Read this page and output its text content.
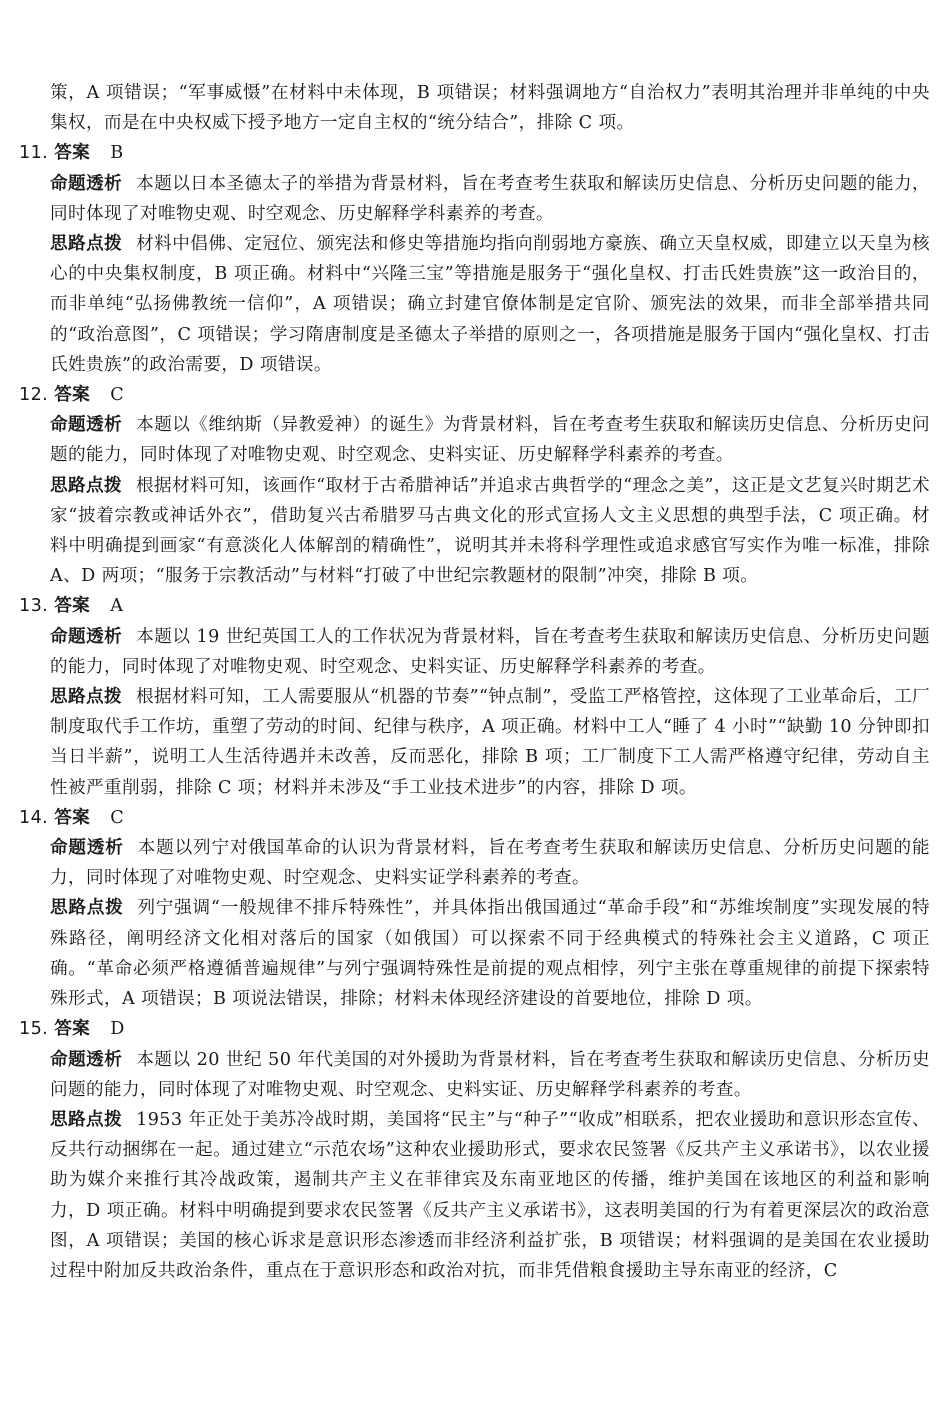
策，A 项错误；“军事威慑”在材料中未体现，B 项错误；材料强调地方“自治权力”表明其治理并非单纯的中央集权，而是在中央权威下授予地方一定自主权的“统分结合”，排除 C 项。

11. 答案 B

命题透析 本题以日本圣德太子的举措为背景材料，旨在考查考生获取和解读历史信息、分析历史问题的能力，同时体现了对唯物史观、时空观念、历史解释学科素养的考查。

思路点拨 材料中倡佛、定冠位、颁宪法和修史等措施均指向削弱地方豪族、确立天皇权威，即建立以天皇为核心的中央集权制度，B 项正确。材料中“兴隆三宝”等措施是服务于“强化皇权、打击氏姓贵族”这一政治目的，而非单纯“弘扬佛教统一信仰”，A 项错误；确立封建官僚体制是定官阶、颁宪法的效果，而非全部举措共同的“政治意图”，C 项错误；学习隋唐制度是圣德太子举措的原则之一，各项措施是服务于国内“强化皇权、打击氏姓贵族”的政治需要，D 项错误。

12. 答案 C

命题透析 本题以《维纳斯（异教爱神）的诞生》为背景材料，旨在考查考生获取和解读历史信息、分析历史问题的能力，同时体现了对唯物史观、时空观念、史料实证、历史解释学科素养的考查。

思路点拨 根据材料可知，该画作“取材于古希腊神话”并追求古典哲学的“理念之美”，这正是文艺复兴时期艺术家“披着宗教或神话外衣”，借助复兴古希腊罗马古典文化的形式宣扬人文主义思想的典型手法，C 项正确。材料中明确提到画家“有意淡化人体解剖的精确性”，说明其并未将科学理性或追求感官写实作为唯一标准，排除 A、D 两项；“服务于宗教活动”与材料“打破了中世纪宗教题材的限制”冲突，排除 B 项。

13. 答案 A

命题透析 本题以 19 世纪英国工人的工作状况为背景材料，旨在考查考生获取和解读历史信息、分析历史问题的能力，同时体现了对唯物史观、时空观念、史料实证、历史解释学科素养的考查。

思路点拨 根据材料可知，工人需要服从“机器的节奏”“钟点制”，受监工严格管控，这体现了工业革命后，工厂制度取代手工作坊，重塑了劳动的时间、纪律与秩序，A 项正确。材料中工人“睡了 4 小时”“缺勤 10 分钟即扣当日半薪”，说明工人生活待遇并未改善，反而恶化，排除 B 项；工厂制度下工人需严格遵守纪律，劳动自主性被严重削弱，排除 C 项；材料并未涉及“手工业技术进步”的内容，排除 D 项。

14. 答案 C

命题透析 本题以列宁对俄国革命的认识为背景材料，旨在考查考生获取和解读历史信息、分析历史问题的能力，同时体现了对唯物史观、时空观念、史料实证学科素养的考查。

思路点拨 列宁强调“一般规律不排斥特殊性”，并具体指出俄国通过“革命手段”和“苏维埃制度”实现发展的特殊路径，阐明经济文化相对落后的国家（如俄国）可以探索不同于经典模式的特殊社会主义道路，C 项正确。“革命必须严格遵循普遍规律”与列宁强调特殊性是前提的观点相悖，列宁主张在尊重规律的前提下探索特殊形式，A 项错误；B 项说法错误，排除；材料未体现经济建设的首要地位，排除 D 项。

15. 答案 D

命题透析 本题以 20 世纪 50 年代美国的对外援助为背景材料，旨在考查考生获取和解读历史信息、分析历史问题的能力，同时体现了对唯物史观、时空观念、史料实证、历史解释学科素养的考查。

思路点拨 1953 年正处于美苏冷战时期，美国将“民主”与“种子”“收成”相联系，把农业援助和意识形态宣传、反共行动捆绑在一起。通过建立“示范农场”这种农业援助形式，要求农民签署《反共产主义承诺书》，以农业援助为媒介来推行其冷战政策，遏制共产主义在菲律宾及东南亚地区的传播，维护美国在该地区的利益和影响力，D 项正确。材料中明确提到要求农民签署《反共产主义承诺书》，这表明美国的行为有着更深层次的政治意图，A 项错误；美国的核心诉求是意识形态渗透而非经济利益扩张，B 项错误；材料强调的是美国在农业援助过程中附加反共政治条件，重点在于意识形态和政治对抗，而非凭借粮食援助主导东南亚的经济，C
